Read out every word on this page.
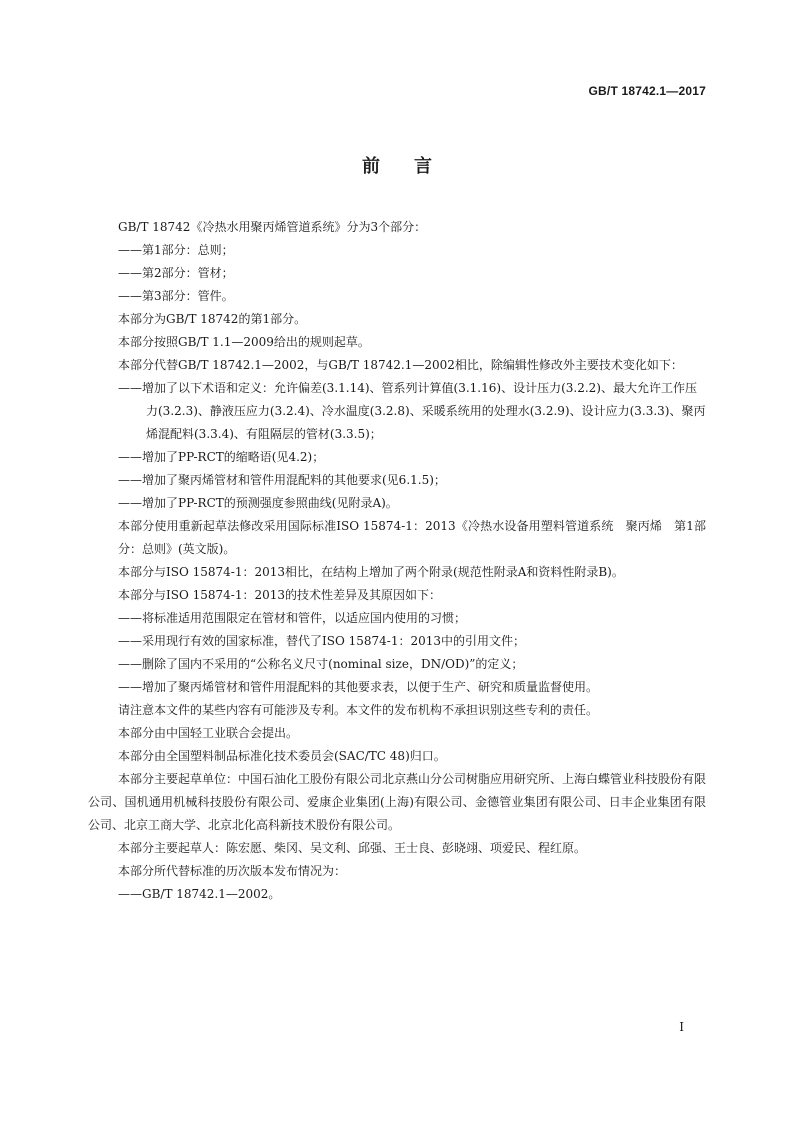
GB/T 18742.1—2017
前言
GB/T 18742《冷热水用聚丙烯管道系统》分为3个部分：
——第1部分：总则；
——第2部分：管材；
——第3部分：管件。
本部分为GB/T 18742的第1部分。
本部分按照GB/T 1.1—2009给出的规则起草。
本部分代替GB/T 18742.1—2002，与GB/T 18742.1—2002相比，除编辑性修改外主要技术变化如下：
——增加了以下术语和定义：允许偏差(3.1.14)、管系列计算值(3.1.16)、设计压力(3.2.2)、最大允许工作压力(3.2.3)、静液压应力(3.2.4)、冷水温度(3.2.8)、采暖系统用的处理水(3.2.9)、设计应力(3.3.3)、聚丙烯混配料(3.3.4)、有阻隔层的管材(3.3.5)；
——增加了PP-RCT的缩略语(见4.2)；
——增加了聚丙烯管材和管件用混配料的其他要求(见6.1.5)；
——增加了PP-RCT的预测强度参照曲线(见附录A)。
本部分使用重新起草法修改采用国际标准ISO 15874-1：2013《冷热水设备用塑料管道系统　聚丙烯　第1部分：总则》(英文版)。
本部分与ISO 15874-1：2013相比，在结构上增加了两个附录(规范性附录A和资料性附录B)。
本部分与ISO 15874-1：2013的技术性差异及其原因如下：
——将标准适用范围限定在管材和管件，以适应国内使用的习惯；
——采用现行有效的国家标准，替代了ISO 15874-1：2013中的引用文件；
——删除了国内不采用的“公称名义尺寸(nominal size，DN/OD)”的定义；
——增加了聚丙烯管材和管件用混配料的其他要求表，以便于生产、研究和质量监督使用。
请注意本文件的某些内容有可能涉及专利。本文件的发布机构不承担识别这些专利的责任。
本部分由中国轻工业联合会提出。
本部分由全国塑料制品标准化技术委员会(SAC/TC 48)归口。
本部分主要起草单位：中国石油化工股份有限公司北京燕山分公司树脂应用研究所、上海白蝶管业科技股份有限公司、国机通用机械科技股份有限公司、爱康企业集团(上海)有限公司、金德管业集团有限公司、日丰企业集团有限公司、北京工商大学、北京北化高科新技术股份有限公司。
本部分主要起草人：陈宏愿、柴冈、吴文利、邱强、王士良、彭晓翊、项爱民、程红原。
本部分所代替标准的历次版本发布情况为：
——GB/T 18742.1—2002。
I
